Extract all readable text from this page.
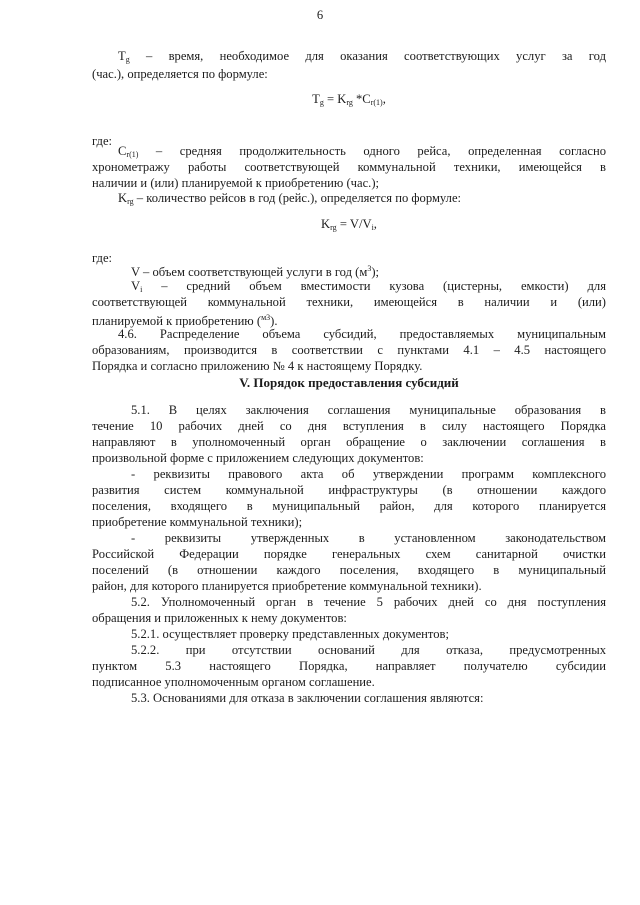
6
$T_g$ – время, необходимое для оказания соответствующих услуг за год
(час.), определяется по формуле:
$T_g = K_{rg}$ $*C_{r(1)}$,
где:
$C_{r(1)}$ – средняя продолжительность одного рейса, определенная согласно
хронометражу работы соответствующей коммунальной техники, имеющейся в
наличии и (или) планируемой к приобретению (час.);
$K_{rg}$ – количество рейсов в год (рейс.), определяется по формуле:
$K_{rg} = V/V_i$,
где:
V – объем соответствующей услуги в год $(м^3)$;
$V_i$ – средний объем вместимости кузова (цистерны, емкости) для
соответствующей коммунальной техники, имеющейся в наличии и (или)
планируемой к приобретению ($^{м3}$).
4.6. Распределение объема субсидий, предоставляемых муниципальным
образованиям, производится в соответствии с пунктами 4.1 – 4.5 настоящего
Порядка и согласно приложению № 4 к настоящему Порядку.
V. Порядок предоставления субсидий
5.1. В целях заключения соглашения муниципальные образования в
течение 10 рабочих дней со дня вступления в силу настоящего Порядка
направляют в уполномоченный орган обращение о заключении соглашения в
произвольной форме с приложением следующих документов:
- реквизиты правового акта об утверждении программ комплексного
развития систем коммунальной инфраструктуры (в отношении каждого
поселения, входящего в муниципальный район, для которого планируется
приобретение коммунальной техники);
- реквизиты утвержденных в установленном законодательством
Российской Федерации порядке генеральных схем санитарной очистки
поселений (в отношении каждого поселения, входящего в муниципальный
район, для которого планируется приобретение коммунальной техники).
5.2. Уполномоченный орган в течение 5 рабочих дней со дня поступления
обращения и приложенных к нему документов:
5.2.1. осуществляет проверку представленных документов;
5.2.2. при отсутствии оснований для отказа, предусмотренных
пунктом 5.3 настоящего Порядка, направляет получателю субсидии
подписанное уполномоченным органом соглашение.
5.3. Основаниями для отказа в заключении соглашения являются:
